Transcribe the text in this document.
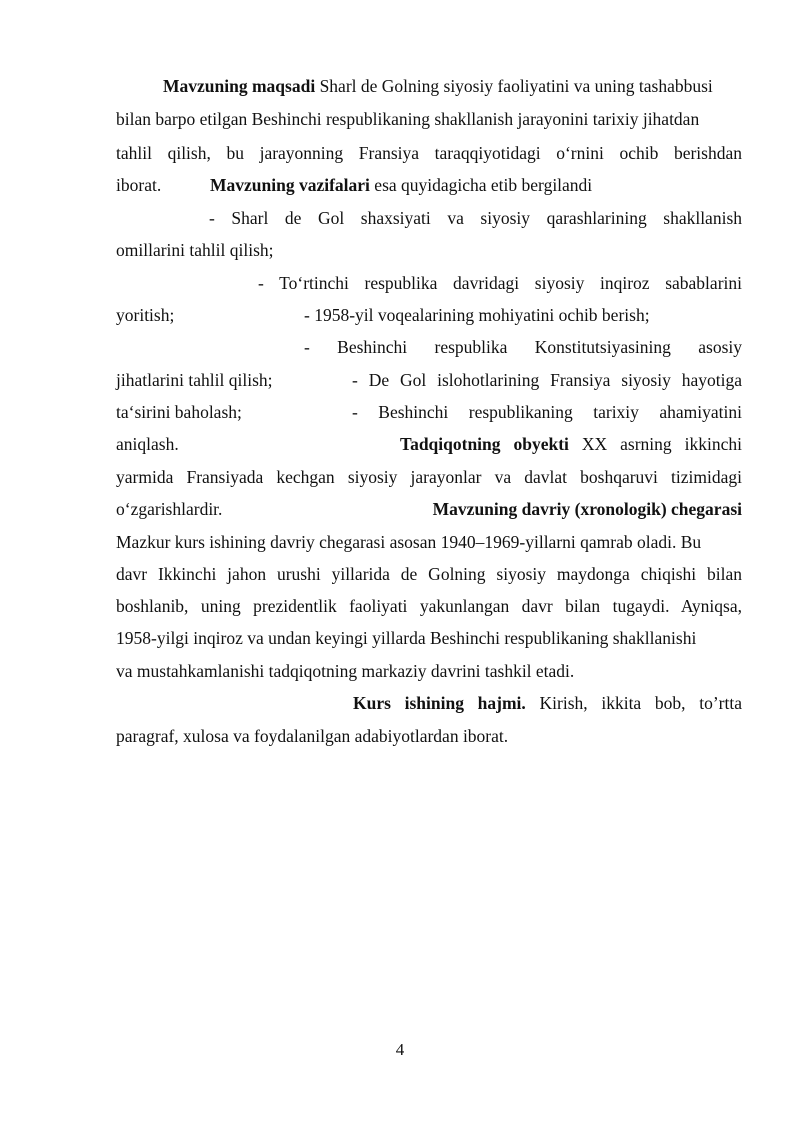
Mavzuning maqsadi Sharl de Golning siyosiy faoliyatini va uning tashabbusi
bilan barpo etilgan Beshinchi respublikaning shakllanish jarayonini tarixiy jihatdan
tahlil qilish, bu jarayonning Fransiya taraqqiyotidagi o‘rnini ochib berishdan
iborat.	Mavzuning vazifalari esa quyidagicha etib bergilandi
- Sharl de Gol shaxsiyati va siyosiy qarashlarining shakllanish
omillarini tahlil qilish;
- To‘rtinchi respublika davridagi siyosiy inqiroz sabablarini
yoritish;	- 1958-yil voqealarining mohiyatini ochib berish;
- Beshinchi respublika Konstitutsiyasining asosiy
jihatlarini tahlil qilish;	- De Gol islohotlarining Fransiya siyosiy hayotiga
ta‘sirini baholash;	- Beshinchi respublikaning tarixiy ahamiyatini
aniqlash.	Tadqiqotning obyekti XX asrning ikkinchi
yarmida Fransiyada kechgan siyosiy jarayonlar va davlat boshqaruvi tizimidagi
o‘zgarishlardir.	Mavzuning davriy (xronologik) chegarasi
Mazkur kurs ishining davriy chegarasi asosan 1940–1969-yillarni qamrab oladi. Bu
davr Ikkinchi jahon urushi yillarida de Golning siyosiy maydonga chiqishi bilan
boshlanib, uning prezidentlik faoliyati yakunlangan davr bilan tugaydi. Ayniqsa,
1958-yilgi inqiroz va undan keyingi yillarda Beshinchi respublikaning shakllanishi
va mustahkamlanishi tadqiqotning markaziy davrini tashkil etadi.
Kurs ishining hajmi. Kirish, ikkita bob, to’rtta
paragraf, xulosa va foydalanilgan adabiyotlardan iborat.
4
